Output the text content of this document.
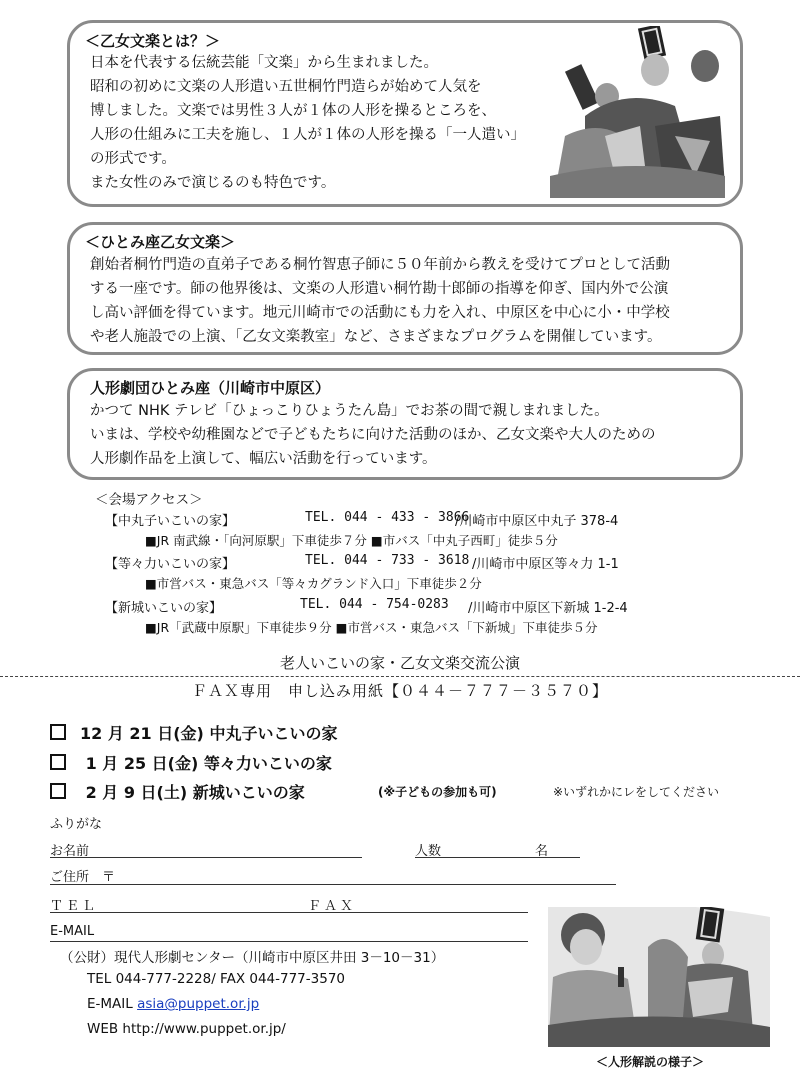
＜乙女文楽とは？＞
日本を代表する伝統芸能「文楽」から生まれました。
昭和の初めに文楽の人形遣い五世桐竹門造らが始めて人気を
博しました。文楽では男性３人が１体の人形を操るところを、
人形の仕組みに工夫を施し、１人が１体の人形を操る「一人遣い」
の形式です。
また女性のみで演じるのも特色です。
＜ひとみ座乙女文楽＞
創始者桐竹門造の直弟子である桐竹智恵子師に５０年前から教えを受けてプロとして活動
する一座です。師の他界後は、文楽の人形遣い桐竹勘十郎師の指導を仰ぎ、国内外で公演
し高い評価を得ています。地元川崎市での活動にも力を入れ、中原区を中心に小・中学校
や老人施設での上演、「乙女文楽教室」など、さまざまなプログラムを開催しています。
人形劇団ひとみ座（川崎市中原区）
かつて NHK テレビ「ひょっこりひょうたん島」でお茶の間で親しまれました。
いまは、学校や幼稚園などで子どもたちに向けた活動のほか、乙女文楽や大人のための
人形劇作品を上演して、幅広い活動を行っています。
＜会場アクセス＞
【中丸子いこいの家】	TEL. 044 - 433 - 3866
/川崎市中原区中丸子 378-4
■JR 南武線・「向河原駅」下車徒歩７分 ■市バス「中丸子西町」徒歩５分
【等々力いこいの家】	TEL. 044 - 733 - 3618 /川崎市中原区等々力 1-1
■市営バス・東急バス「等々カグランド入口」下車徒歩２分
【新城いこいの家】	TEL. 044 - 754-0283 /川崎市中原区下新城 1-2-4
■JR「武蔵中原駅」下車徒歩９分 ■市営バス・東急バス「下新城」下車徒歩５分
老人いこいの家・乙女文楽交流公演
ＦＡＸ専用　申し込み用紙【０４４－７７７－３５７０】
12 月 21 日(金) 中丸子いこいの家
1 月 25 日(金) 等々力いこいの家
2 月 9 日(土) 新城いこいの家	(※子どもの参加も可)	※いずれかにレをしてください
ふりがな
お名前	人数	名
ご住所　〒
ＴＥＬ	ＦＡＸ
E-MAIL
（公財）現代人形劇センター（川崎市中原区井田 3－10－31）
TEL 044-777-2228/ FAX 044-777-3570
E-MAIL asia@puppet.or.jp
WEB http://www.puppet.or.jp/
＜人形解説の様子＞
